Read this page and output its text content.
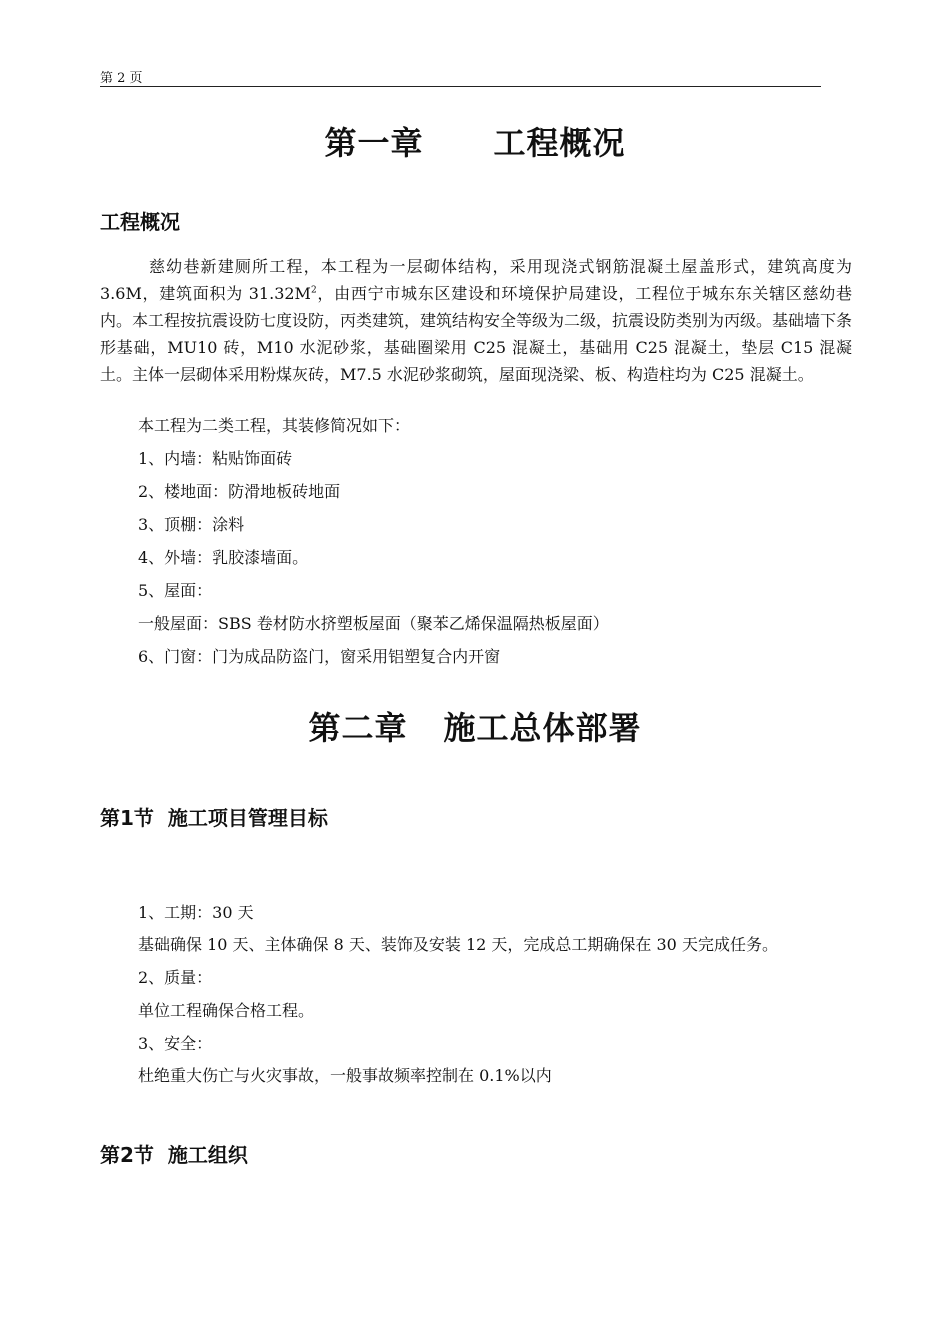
第 2 页
第一章 工程概况
工程概况
慈幼巷新建厕所工程，本工程为一层砌体结构，采用现浇式钢筋混凝土屋盖形式，建筑高度为 3.6M，建筑面积为 $31.32M^2$，由西宁市城东区建设和环境保护局建设，工程位于城东东关辖区慈幼巷内。本工程按抗震设防七度设防，丙类建筑，建筑结构安全等级为二级，抗震设防类别为丙级。基础墙下条形基础，MU10 砖，M10 水泥砂浆，基础圈梁用 C25 混凝土，基础用 C25 混凝土，垫层 C15 混凝土。主体一层砌体采用粉煤灰砖，M7.5 水泥砂浆砌筑，屋面现浇梁、板、构造柱均为 C25 混凝土。
本工程为二类工程，其装修简况如下：
1、内墙：粘贴饰面砖
2、楼地面：防滑地板砖地面
3、顶棚：涂料
4、外墙：乳胶漆墙面。
5、屋面：
一般屋面：SBS 卷材防水挤塑板屋面（聚苯乙烯保温隔热板屋面）
6、门窗：门为成品防盗门，窗采用铝塑复合内开窗
第二章 施工总体部署
第1节  施工项目管理目标
1、工期：30 天
基础确保 10 天、主体确保 8 天、装饰及安装 12 天，完成总工期确保在 30 天完成任务。
2、质量：
单位工程确保合格工程。
3、安全：
杜绝重大伤亡与火灾事故，一般事故频率控制在 0.1%以内
第2节  施工组织
